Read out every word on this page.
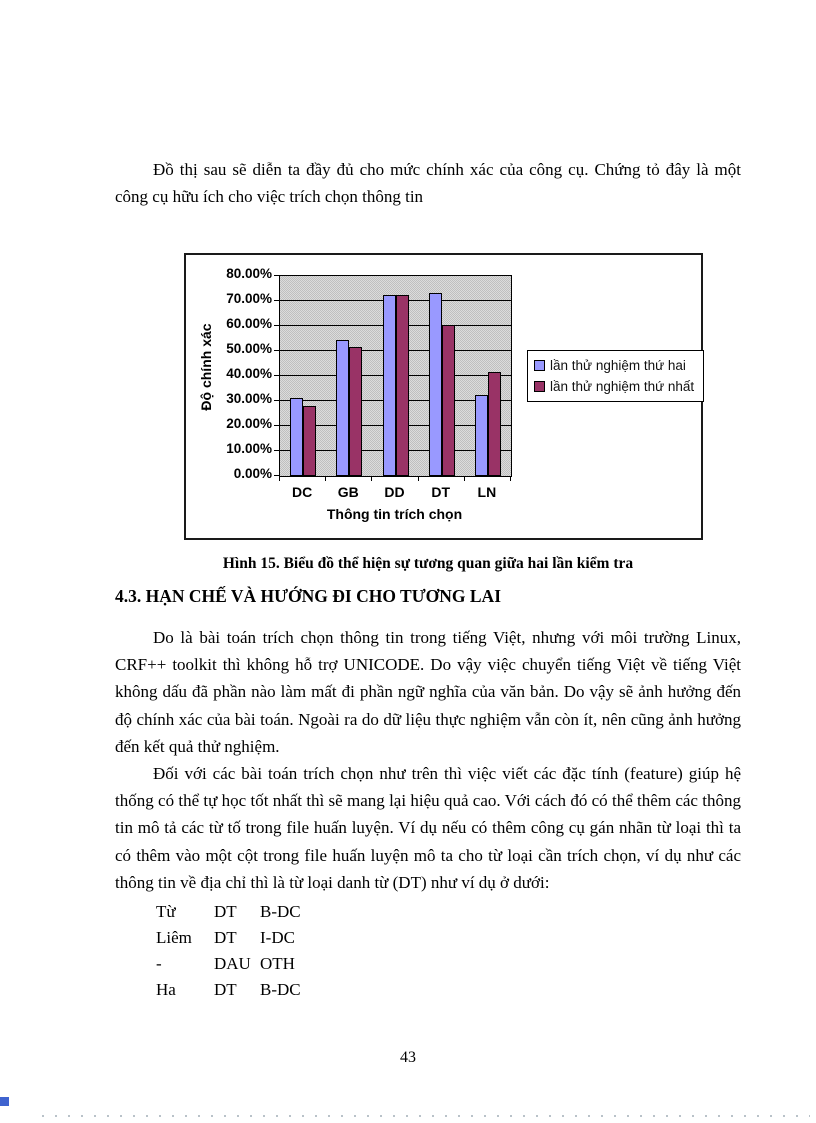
Đồ thị sau sẽ diễn ta đầy đủ cho mức chính xác của công cụ. Chứng tỏ đây là một công cụ hữu ích cho việc trích chọn thông tin
Độ chính xác
0.00%
10.00%
20.00%
30.00%
40.00%
50.00%
60.00%
70.00%
80.00%
DC	GB	DD	DT	LN
Thông tin trích chọn
lần thử nghiệm thứ hai
lần thử nghiệm thứ nhất
Hình 15. Biểu đồ thể hiện sự tương quan giữa hai lần kiểm tra
4.3. HẠN CHẾ VÀ HƯỚNG ĐI CHO TƯƠNG LAI
Do là bài toán trích chọn thông tin trong tiếng Việt, nhưng với môi trường Linux, CRF++ toolkit thì không hỗ trợ UNICODE. Do vậy việc chuyển tiếng Việt về tiếng Việt không dấu đã phần nào làm mất đi phần ngữ nghĩa của văn bản. Do vậy sẽ ảnh hưởng đến độ chính xác của bài toán. Ngoài ra do dữ liệu thực nghiệm vẫn còn ít, nên cũng ảnh hưởng đến kết quả thử nghiệm.
Đối với các bài toán trích chọn như trên thì việc viết các đặc tính (feature) giúp hệ thống có thể tự học tốt nhất thì sẽ mang lại hiệu quả cao. Với cách đó có thể thêm các thông tin mô tả các từ tố trong file huấn luyện. Ví dụ nếu có thêm công cụ gán nhãn từ loại thì ta có thêm vào một cột trong file huấn luyện mô ta cho từ loại cần trích chọn, ví dụ như các thông tin về địa chỉ thì là từ loại danh từ (DT) như ví dụ ở dưới:
Từ	DT	B-DC
Liêm	DT	I-DC
-	DAU OTH
Ha	DT	B-DC
43
